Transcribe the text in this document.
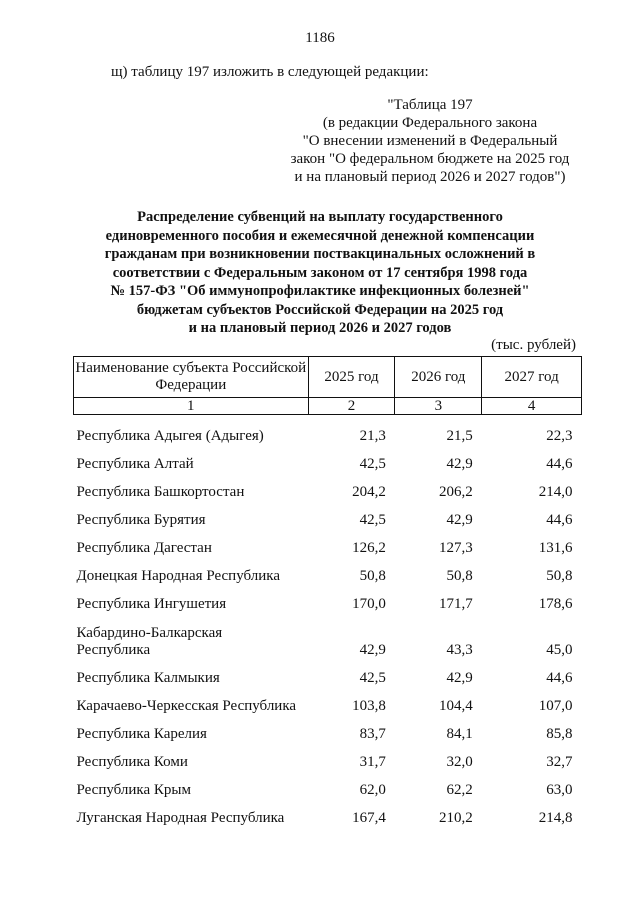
1186
щ) таблицу 197 изложить в следующей редакции:
"Таблица 197
(в редакции Федерального закона
"О внесении изменений в Федеральный
закон "О федеральном бюджете на 2025 год
и на плановый период 2026 и 2027 годов")
Распределение субвенций на выплату государственного
единовременного пособия и ежемесячной денежной компенсации
гражданам при возникновении поствакцинальных осложнений в
соответствии с Федеральным законом от 17 сентября 1998 года
№ 157-ФЗ "Об иммунопрофилактике инфекционных болезней"
бюджетам субъектов Российской Федерации на 2025 год
и на плановый период 2026 и 2027 годов
(тыс. рублей)
Наименование субъекта Российской Федерации	2025 год	2026 год	2027 год
1	2	3	4
Республика Адыгея (Адыгея)	21,3	21,5	22,3
Республика Алтай	42,5	42,9	44,6
Республика Башкортостан	204,2	206,2	214,0
Республика Бурятия	42,5	42,9	44,6
Республика Дагестан	126,2	127,3	131,6
Донецкая Народная Республика	50,8	50,8	50,8
Республика Ингушетия	170,0	171,7	178,6
Кабардино-Балкарская Республика	42,9	43,3	45,0
Республика Калмыкия	42,5	42,9	44,6
Карачаево-Черкесская Республика	103,8	104,4	107,0
Республика Карелия	83,7	84,1	85,8
Республика Коми	31,7	32,0	32,7
Республика Крым	62,0	62,2	63,0
Луганская Народная Республика	167,4	210,2	214,8
